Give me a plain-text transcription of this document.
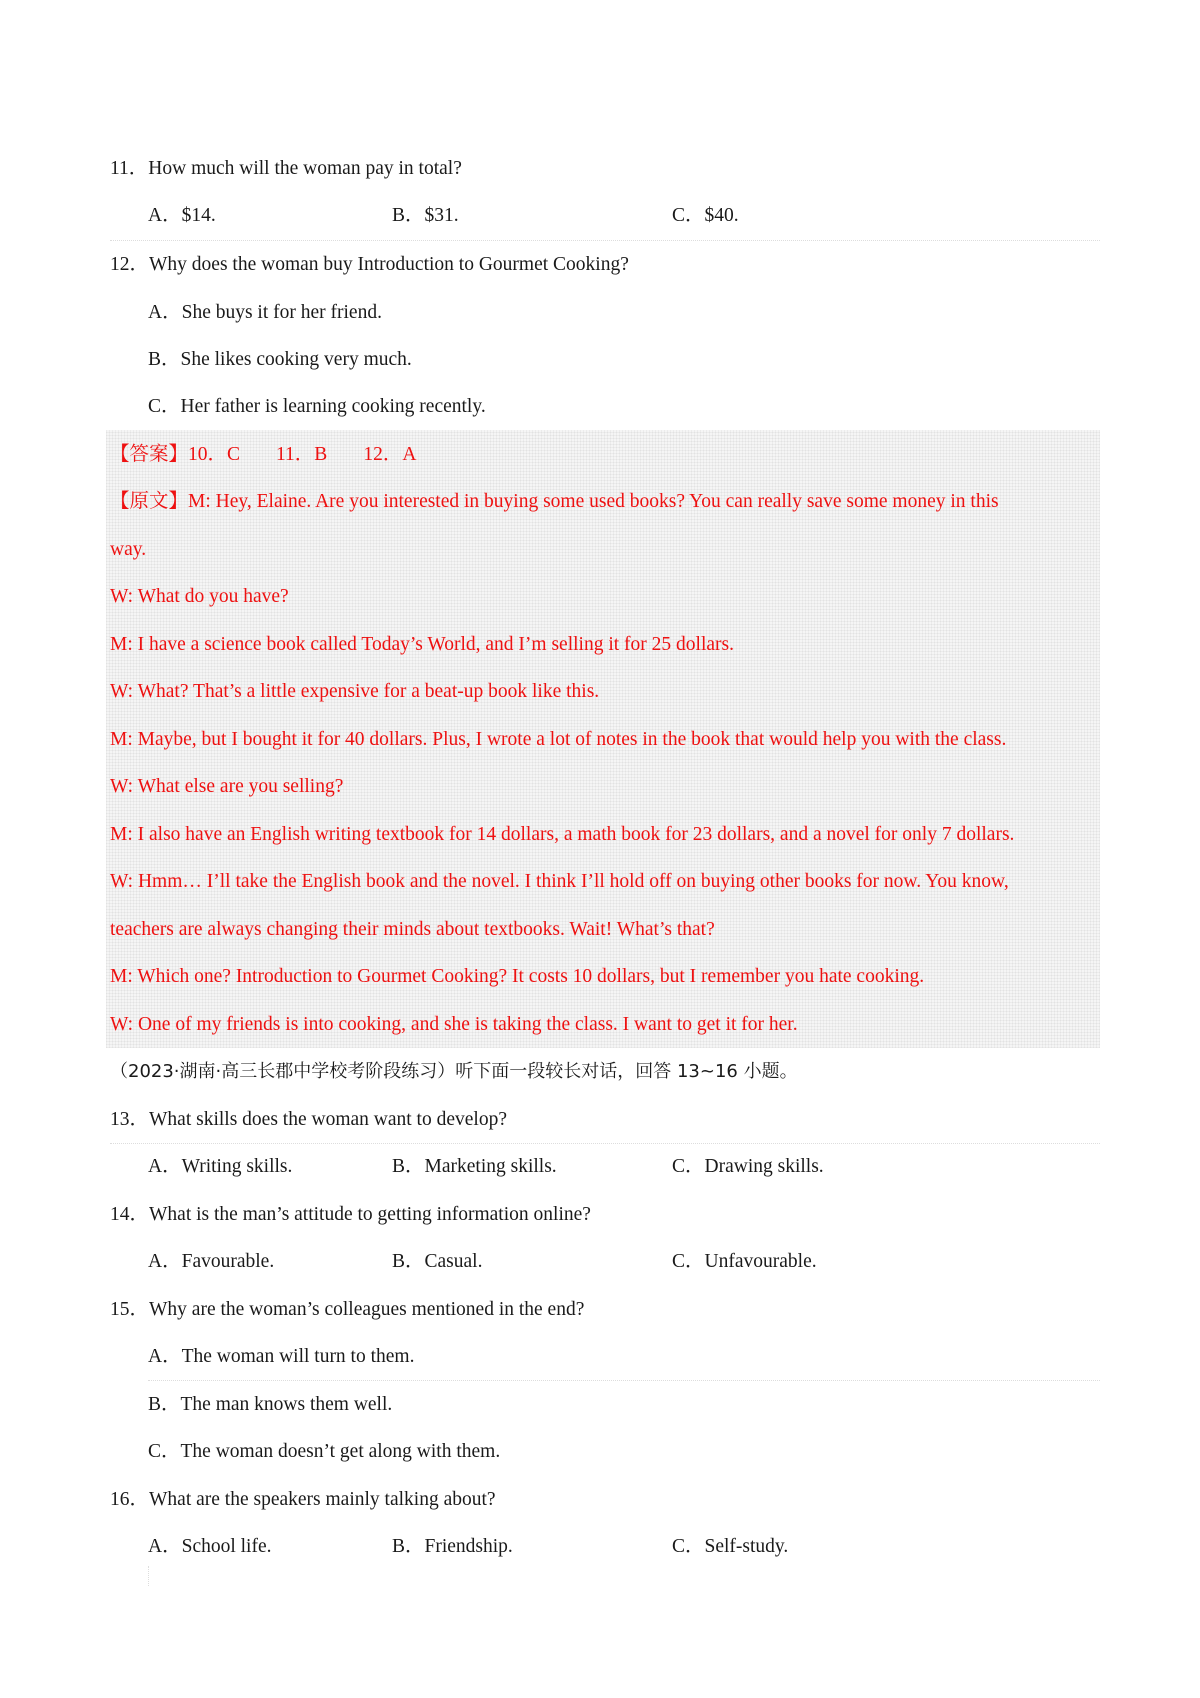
11．How much will the woman pay in total?
A．$14.	B．$31.	C．$40.
12．Why does the woman buy Introduction to Gourmet Cooking?
A．She buys it for her friend.
B．She likes cooking very much.
C．Her father is learning cooking recently.
【答案】10．C 11．B 12．A
【原文】M: Hey, Elaine. Are you interested in buying some used books? You can really save some money in this
way.
W: What do you have?
M: I have a science book called Today’s World, and I’m selling it for 25 dollars.
W: What? That’s a little expensive for a beat-up book like this.
M: Maybe, but I bought it for 40 dollars. Plus, I wrote a lot of notes in the book that would help you with the class.
W: What else are you selling?
M: I also have an English writing textbook for 14 dollars, a math book for 23 dollars, and a novel for only 7 dollars.
W: Hmm… I’ll take the English book and the novel. I think I’ll hold off on buying other books for now. You know,
teachers are always changing their minds about textbooks. Wait! What’s that?
M: Which one? Introduction to Gourmet Cooking? It costs 10 dollars, but I remember you hate cooking.
W: One of my friends is into cooking, and she is taking the class. I want to get it for her.
（2023·湖南·高三长郡中学校考阶段练习）听下面一段较长对话，回答 13~16 小题。
13．What skills does the woman want to develop?
A．Writing skills.	B．Marketing skills.	C．Drawing skills.
14．What is the man’s attitude to getting information online?
A．Favourable.	B．Casual.	C．Unfavourable.
15．Why are the woman’s colleagues mentioned in the end?
A．The woman will turn to them.
B．The man knows them well.
C．The woman doesn’t get along with them.
16．What are the speakers mainly talking about?
A．School life.	B．Friendship.	C．Self-study.
